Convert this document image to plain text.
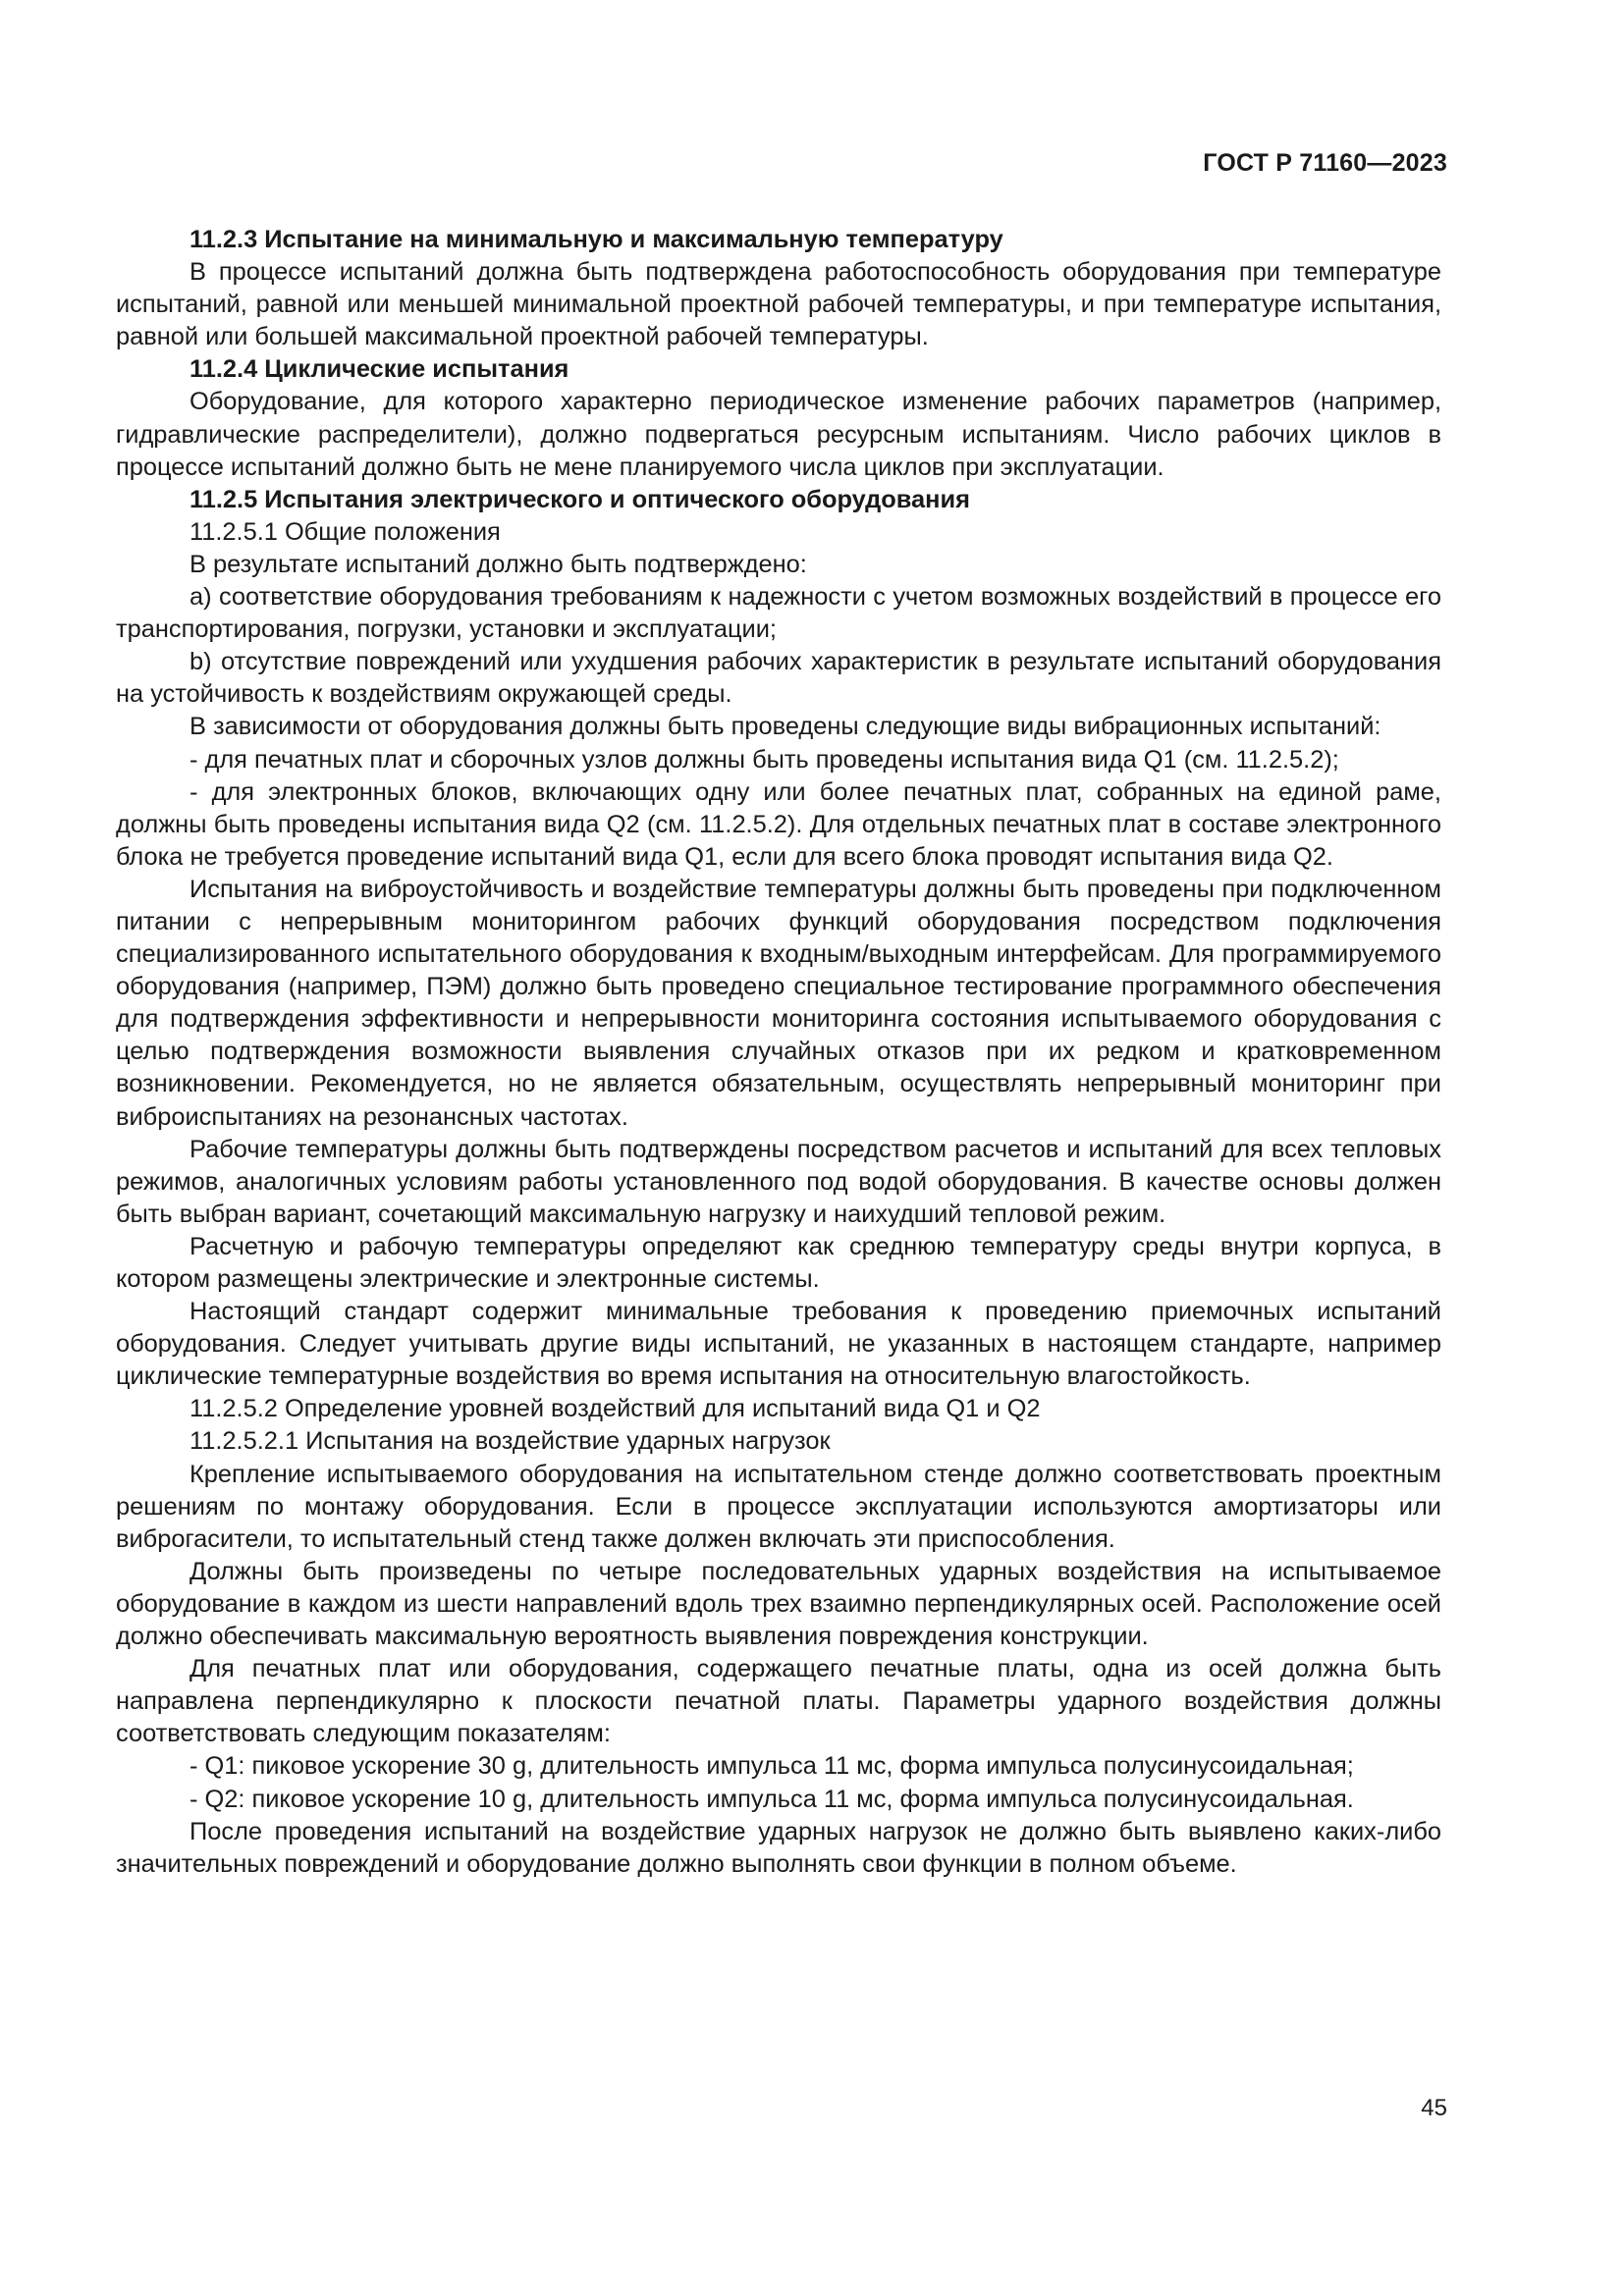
ГОСТ Р 71160—2023

11.2.3 Испытание на минимальную и максимальную температуру

В процессе испытаний должна быть подтверждена работоспособность оборудования при температуре испытаний, равной или меньшей минимальной проектной рабочей температуры, и при температуре испытания, равной или большей максимальной проектной рабочей температуры.

11.2.4 Циклические испытания

Оборудование, для которого характерно периодическое изменение рабочих параметров (например, гидравлические распределители), должно подвергаться ресурсным испытаниям. Число рабочих циклов в процессе испытаний должно быть не мене планируемого числа циклов при эксплуатации.

11.2.5 Испытания электрического и оптического оборудования

11.2.5.1 Общие положения

В результате испытаний должно быть подтверждено:

a) соответствие оборудования требованиям к надежности с учетом возможных воздействий в процессе его транспортирования, погрузки, установки и эксплуатации;

b) отсутствие повреждений или ухудшения рабочих характеристик в результате испытаний оборудования на устойчивость к воздействиям окружающей среды.

В зависимости от оборудования должны быть проведены следующие виды вибрационных испытаний:

- для печатных плат и сборочных узлов должны быть проведены испытания вида Q1 (см. 11.2.5.2);

- для электронных блоков, включающих одну или более печатных плат, собранных на единой раме, должны быть проведены испытания вида Q2 (см. 11.2.5.2). Для отдельных печатных плат в составе электронного блока не требуется проведение испытаний вида Q1, если для всего блока проводят испытания вида Q2.

Испытания на виброустойчивость и воздействие температуры должны быть проведены при подключенном питании с непрерывным мониторингом рабочих функций оборудования посредством подключения специализированного испытательного оборудования к входным/выходным интерфейсам. Для программируемого оборудования (например, ПЭМ) должно быть проведено специальное тестирование программного обеспечения для подтверждения эффективности и непрерывности мониторинга состояния испытываемого оборудования с целью подтверждения возможности выявления случайных отказов при их редком и кратковременном возникновении. Рекомендуется, но не является обязательным, осуществлять непрерывный мониторинг при виброиспытаниях на резонансных частотах.

Рабочие температуры должны быть подтверждены посредством расчетов и испытаний для всех тепловых режимов, аналогичных условиям работы установленного под водой оборудования. В качестве основы должен быть выбран вариант, сочетающий максимальную нагрузку и наихудший тепловой режим.

Расчетную и рабочую температуры определяют как среднюю температуру среды внутри корпуса, в котором размещены электрические и электронные системы.

Настоящий стандарт содержит минимальные требования к проведению приемочных испытаний оборудования. Следует учитывать другие виды испытаний, не указанных в настоящем стандарте, например циклические температурные воздействия во время испытания на относительную влагостойкость.

11.2.5.2 Определение уровней воздействий для испытаний вида Q1 и Q2

11.2.5.2.1 Испытания на воздействие ударных нагрузок

Крепление испытываемого оборудования на испытательном стенде должно соответствовать проектным решениям по монтажу оборудования. Если в процессе эксплуатации используются амортизаторы или виброгасители, то испытательный стенд также должен включать эти приспособления.

Должны быть произведены по четыре последовательных ударных воздействия на испытываемое оборудование в каждом из шести направлений вдоль трех взаимно перпендикулярных осей. Расположение осей должно обеспечивать максимальную вероятность выявления повреждения конструкции.

Для печатных плат или оборудования, содержащего печатные платы, одна из осей должна быть направлена перпендикулярно к плоскости печатной платы. Параметры ударного воздействия должны соответствовать следующим показателям:

- Q1: пиковое ускорение 30 g, длительность импульса 11 мс, форма импульса полусинусоидальная;

- Q2: пиковое ускорение 10 g, длительность импульса 11 мс, форма импульса полусинусоидальная.

После проведения испытаний на воздействие ударных нагрузок не должно быть выявлено каких-либо значительных повреждений и оборудование должно выполнять свои функции в полном объеме.

45
